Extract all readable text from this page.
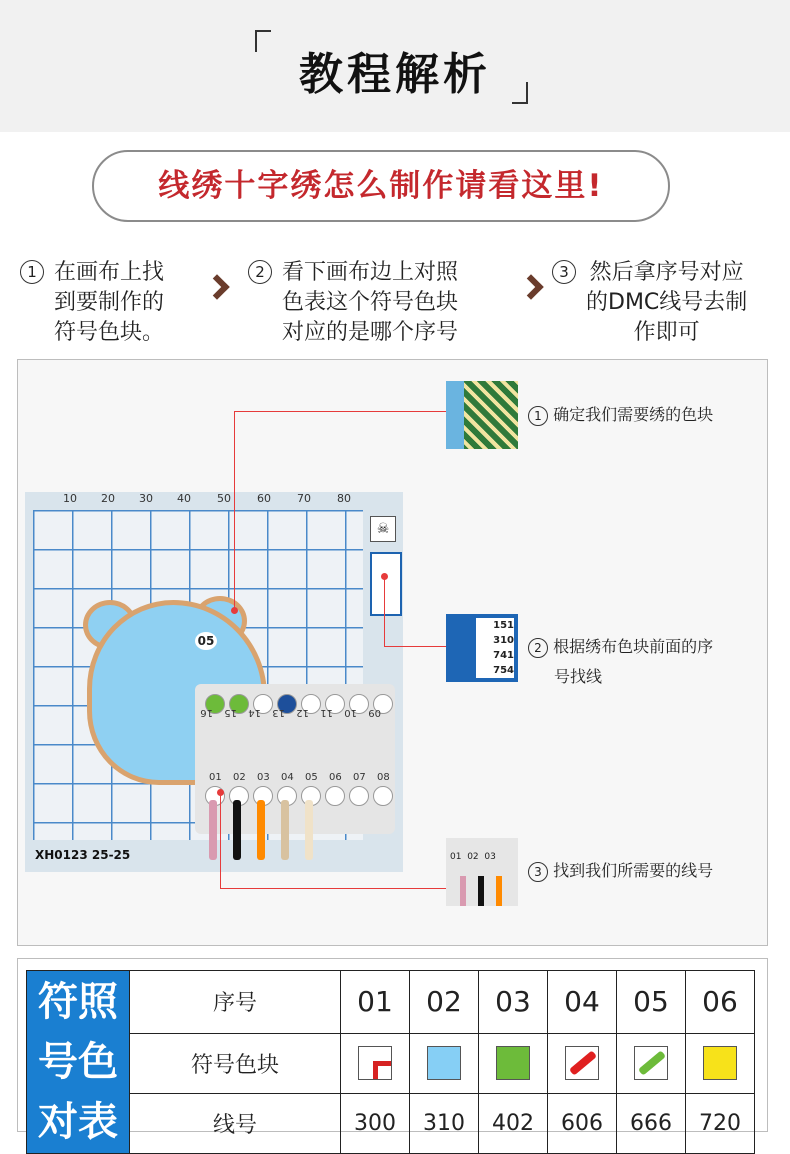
教程解析
线绣十字绣怎么制作请看这里!
1 在画布上找
到要制作的
符号色块。
2 看下画布边上对照
色表这个符号色块
对应的是哪个序号
3 然后拿序号对应
的DMC线号去制
作即可
10 20 30 40 50 60 70 80
05
☠
09
10
11
12
13
14
15
16
01 02 03 04 05 06 07 08
XH0123 25-25
1 确定我们需要绣的色块
151
310
741
754
2 根据绣布色块前面的序
号找线
01 02 03
3 找到我们所需要的线号
符照
号色
对表	序号	01	02	03	04	05	06
	符号色块	

	线号	300	310	402	606	666	720
